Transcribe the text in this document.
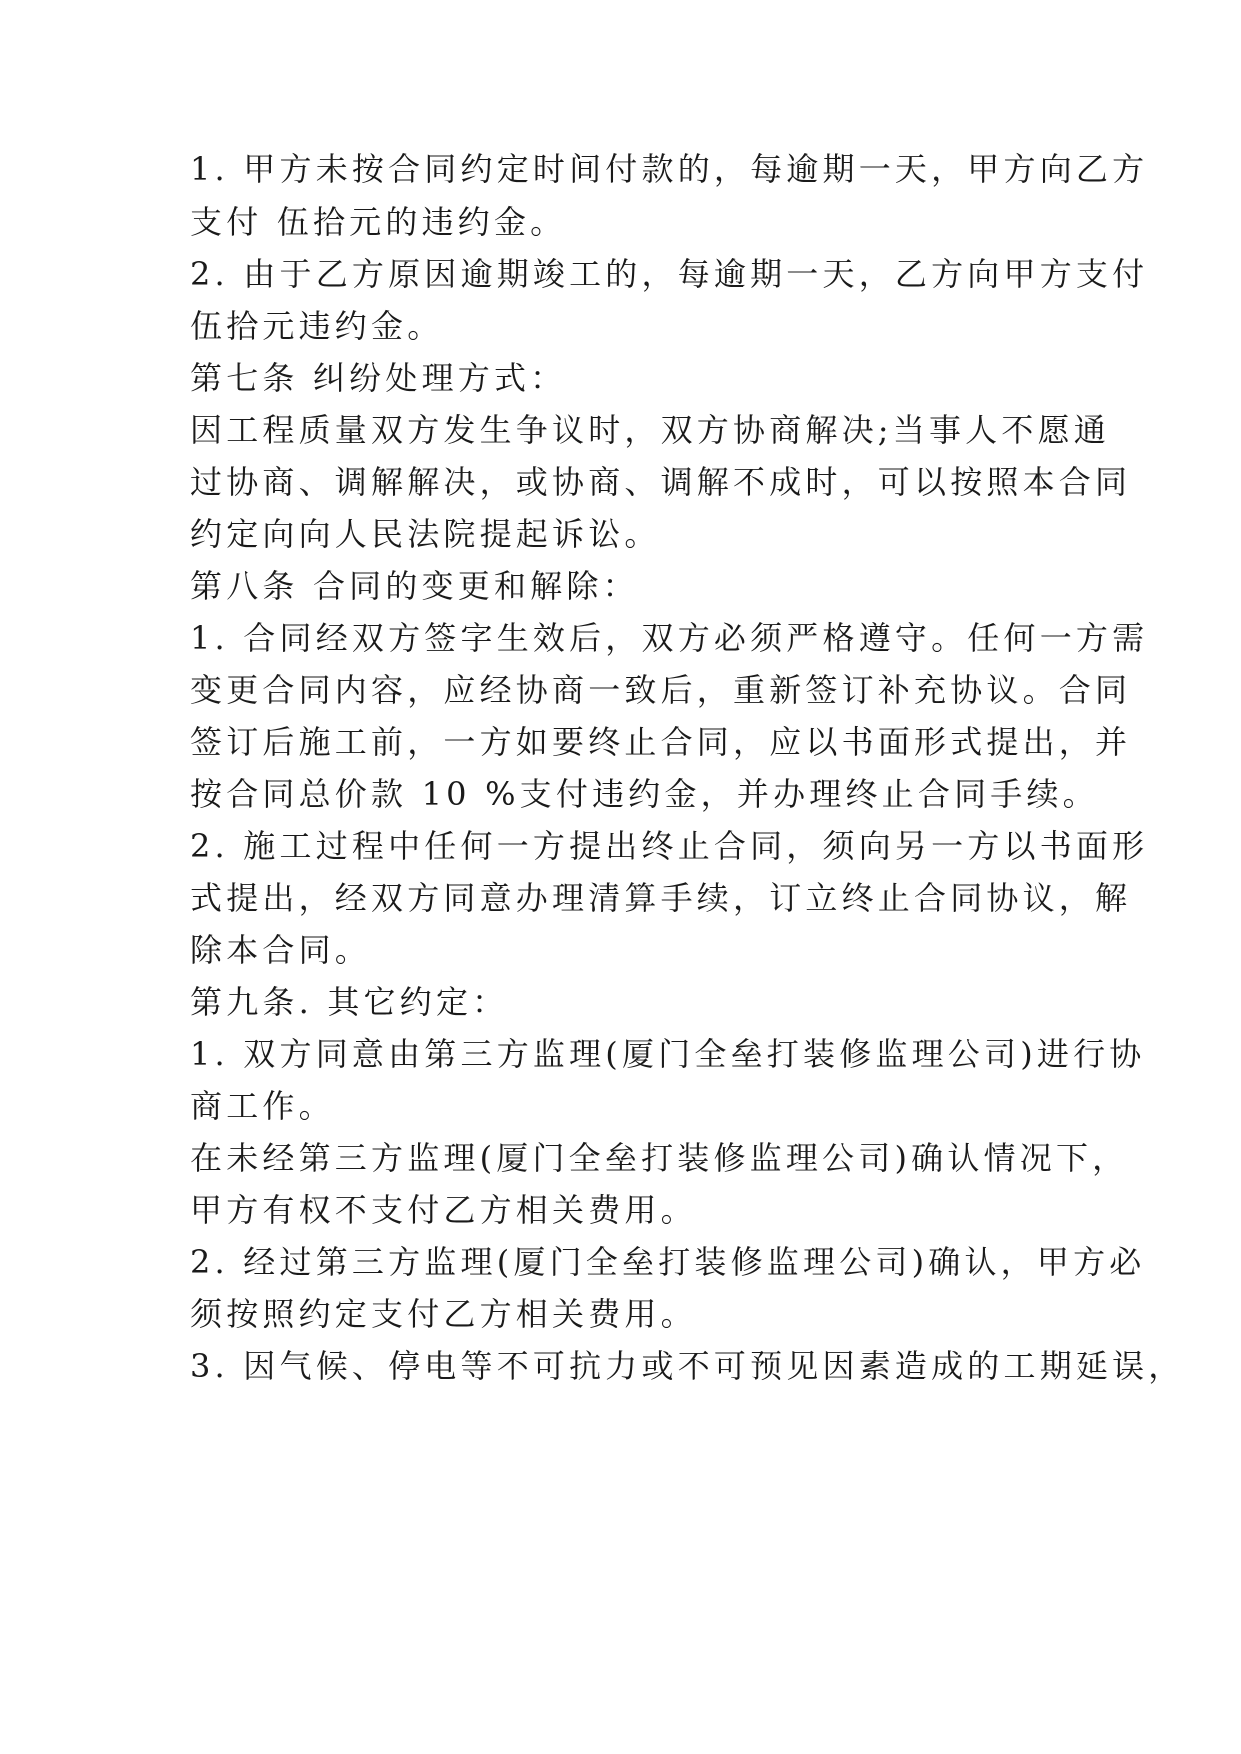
1. 甲方未按合同约定时间付款的，每逾期一天，甲方向乙方

支付 伍拾元的违约金。

2. 由于乙方原因逾期竣工的，每逾期一天，乙方向甲方支付

伍拾元违约金。

第七条 纠纷处理方式：

因工程质量双方发生争议时，双方协商解决;当事人不愿通

过协商、调解解决，或协商、调解不成时，可以按照本合同

约定向向人民法院提起诉讼。

第八条 合同的变更和解除：

1. 合同经双方签字生效后，双方必须严格遵守。任何一方需

变更合同内容，应经协商一致后，重新签订补充协议。合同

签订后施工前，一方如要终止合同，应以书面形式提出，并

按合同总价款 10 %支付违约金，并办理终止合同手续。

2. 施工过程中任何一方提出终止合同，须向另一方以书面形

式提出，经双方同意办理清算手续，订立终止合同协议，解

除本合同。

第九条. 其它约定：

1. 双方同意由第三方监理(厦门全垒打装修监理公司)进行协

商工作。

在未经第三方监理(厦门全垒打装修监理公司)确认情况下，

甲方有权不支付乙方相关费用。

2. 经过第三方监理(厦门全垒打装修监理公司)确认，甲方必

须按照约定支付乙方相关费用。

3. 因气候、停电等不可抗力或不可预见因素造成的工期延误，
